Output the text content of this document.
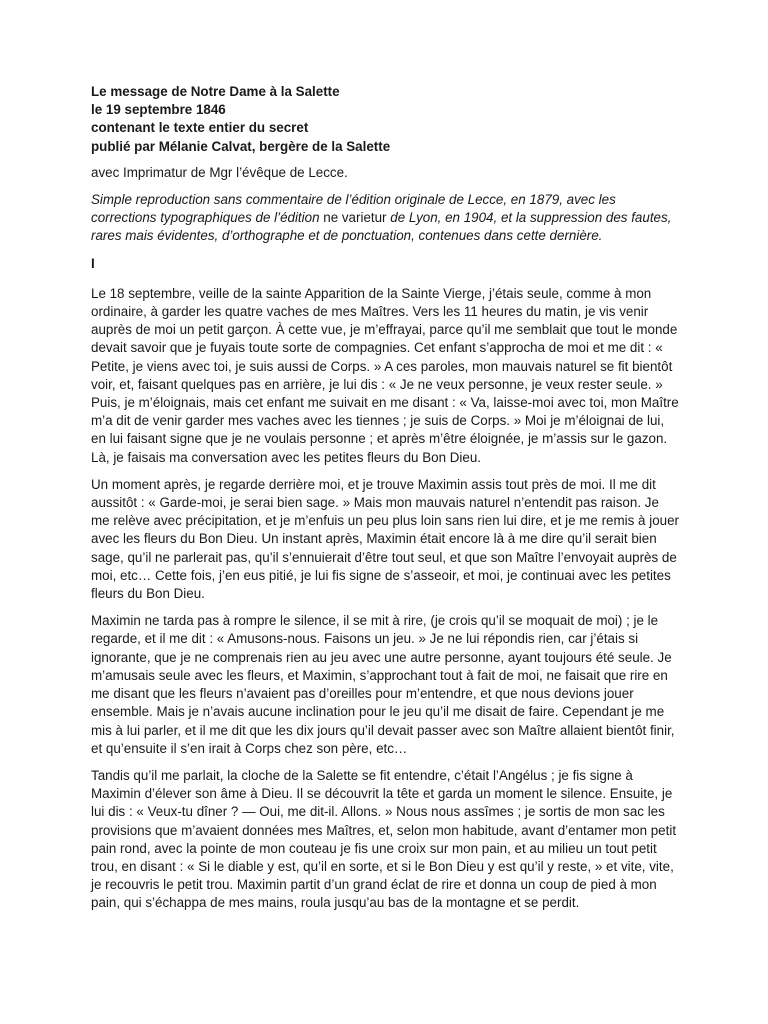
Le message de Notre Dame à la Salette
le 19 septembre 1846
contenant le texte entier du secret
publié par Mélanie Calvat, bergère de la Salette

avec Imprimatur de Mgr l’évêque de Lecce.

Simple reproduction sans commentaire de l’édition originale de Lecce, en 1879, avec les corrections typographiques de l’édition ne varietur de Lyon, en 1904, et la suppression des fautes, rares mais évidentes, d’orthographe et de ponctuation, contenues dans cette dernière.

I

Le 18 septembre, veille de la sainte Apparition de la Sainte Vierge, j’étais seule, comme à mon ordinaire, à garder les quatre vaches de mes Maîtres. Vers les 11 heures du matin, je vis venir auprès de moi un petit garçon. À cette vue, je m’effrayai, parce qu’il me semblait que tout le monde devait savoir que je fuyais toute sorte de compagnies. Cet enfant s’approcha de moi et me dit : « Petite, je viens avec toi, je suis aussi de Corps. » A ces paroles, mon mauvais naturel se fit bientôt voir, et, faisant quelques pas en arrière, je lui dis : « Je ne veux personne, je veux rester seule. » Puis, je m’éloignais, mais cet enfant me suivait en me disant : « Va, laisse-moi avec toi, mon Maître m’a dit de venir garder mes vaches avec les tiennes ; je suis de Corps. » Moi je m’éloignai de lui, en lui faisant signe que je ne voulais personne ; et après m’être éloignée, je m’assis sur le gazon. Là, je faisais ma conversation avec les petites fleurs du Bon Dieu.

Un moment après, je regarde derrière moi, et je trouve Maximin assis tout près de moi. Il me dit aussitôt : « Garde-moi, je serai bien sage. » Mais mon mauvais naturel n’entendit pas raison. Je me relève avec précipitation, et je m’enfuis un peu plus loin sans rien lui dire, et je me remis à jouer avec les fleurs du Bon Dieu. Un instant après, Maximin était encore là à me dire qu’il serait bien sage, qu’il ne parlerait pas, qu’il s’ennuierait d’être tout seul, et que son Maître l’envoyait auprès de moi, etc… Cette fois, j’en eus pitié, je lui fis signe de s’asseoir, et moi, je continuai avec les petites fleurs du Bon Dieu.

Maximin ne tarda pas à rompre le silence, il se mit à rire, (je crois qu’il se moquait de moi) ; je le regarde, et il me dit : « Amusons-nous. Faisons un jeu. » Je ne lui répondis rien, car j’étais si ignorante, que je ne comprenais rien au jeu avec une autre personne, ayant toujours été seule. Je m’amusais seule avec les fleurs, et Maximin, s’approchant tout à fait de moi, ne faisait que rire en me disant que les fleurs n’avaient pas d’oreilles pour m’entendre, et que nous devions jouer ensemble. Mais je n’avais aucune inclination pour le jeu qu’il me disait de faire. Cependant je me mis à lui parler, et il me dit que les dix jours qu’il devait passer avec son Maître allaient bientôt finir, et qu’ensuite il s’en irait à Corps chez son père, etc…

Tandis qu’il me parlait, la cloche de la Salette se fit entendre, c’était l’Angélus ; je fis signe à Maximin d’élever son âme à Dieu. Il se découvrit la tête et garda un moment le silence. Ensuite, je lui dis : « Veux-tu dîner ? — Oui, me dit-il. Allons. » Nous nous assîmes ; je sortis de mon sac les provisions que m’avaient données mes Maîtres, et, selon mon habitude, avant d’entamer mon petit pain rond, avec la pointe de mon couteau je fis une croix sur mon pain, et au milieu un tout petit trou, en disant : « Si le diable y est, qu’il en sorte, et si le Bon Dieu y est qu’il y reste, » et vite, vite, je recouvris le petit trou. Maximin partit d’un grand éclat de rire et donna un coup de pied à mon pain, qui s’échappa de mes mains, roula jusqu’au bas de la montagne et se perdit.
